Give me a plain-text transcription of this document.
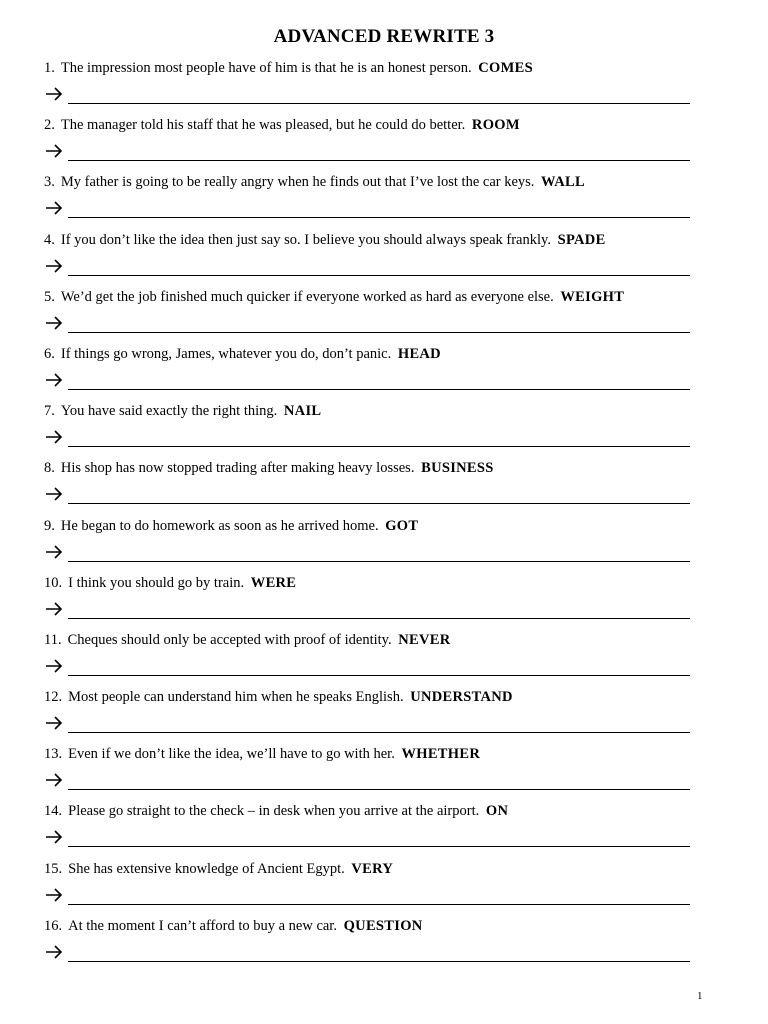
ADVANCED REWRITE 3
1. The impression most people have of him is that he is an honest person. COMES
2. The manager told his staff that he was pleased, but he could do better. ROOM
3. My father is going to be really angry when he finds out that I’ve lost the car keys. WALL
4. If you don’t like the idea then just say so. I believe you should always speak frankly. SPADE
5. We’d get the job finished much quicker if everyone worked as hard as everyone else. WEIGHT
6. If things go wrong, James, whatever you do, don’t panic. HEAD
7. You have said exactly the right thing. NAIL
8. His shop has now stopped trading after making heavy losses. BUSINESS
9. He began to do homework as soon as he arrived home. GOT
10. I think you should go by train. WERE
11. Cheques should only be accepted with proof of identity. NEVER
12. Most people can understand him when he speaks English. UNDERSTAND
13. Even if we don’t like the idea, we’ll have to go with her. WHETHER
14. Please go straight to the check – in desk when you arrive at the airport. ON
15. She has extensive knowledge of Ancient Egypt. VERY
16. At the moment I can’t afford to buy a new car. QUESTION
1
